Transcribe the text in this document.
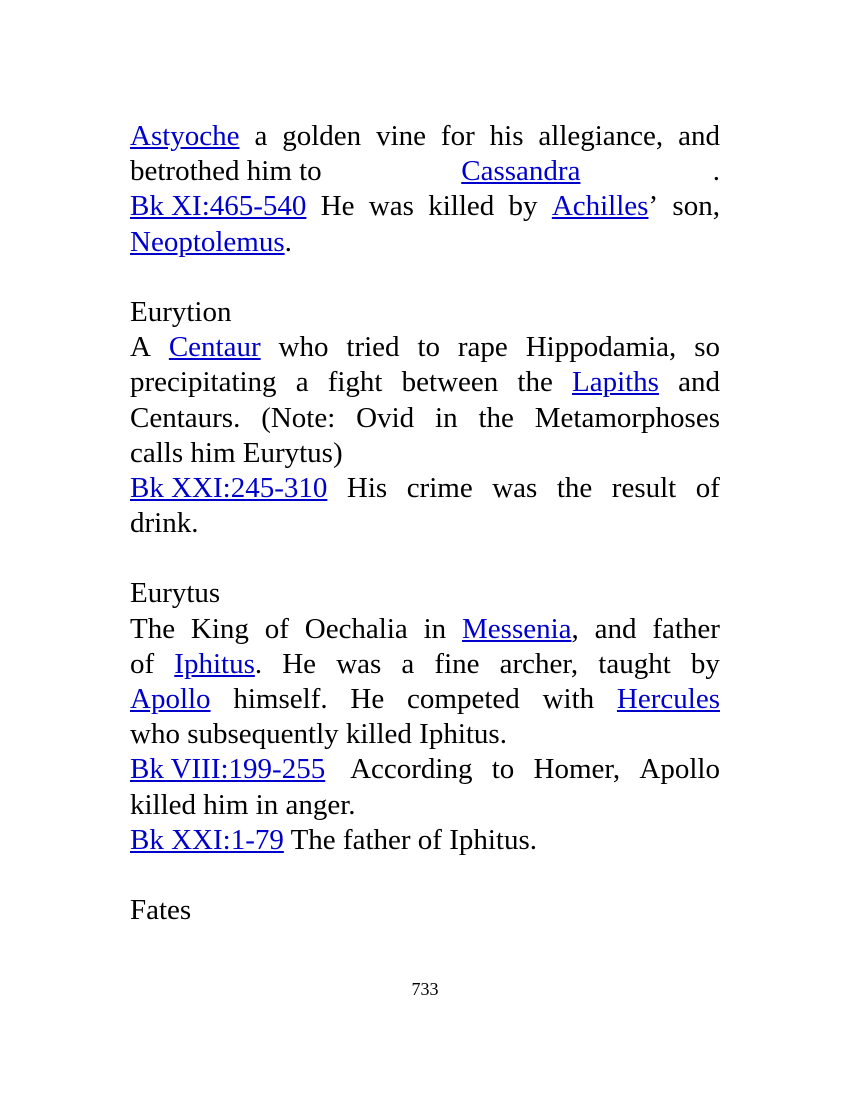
Astyoche a golden vine for his allegiance, and
betrothed him to	Cassandra	.
Bk XI:465-540 He was killed by Achilles’ son,
Neoptolemus .
Eurytion
A Centaur who tried to rape Hippodamia, so
precipitating a fight between the Lapiths and
Centaurs. (Note: Ovid in the Metamorphoses
calls him Eurytus)
Bk XXI:245-310 His crime was the result of
drink.
Eurytus
The King of Oechalia in Messenia, and father
of Iphitus. He was a fine archer, taught by
Apollo himself. He competed with Hercules
who subsequently killed Iphitus.
Bk VIII:199-255 According to Homer, Apollo
killed him in anger.
Bk XXI:1-79 The father of Iphitus.
Fates
733
